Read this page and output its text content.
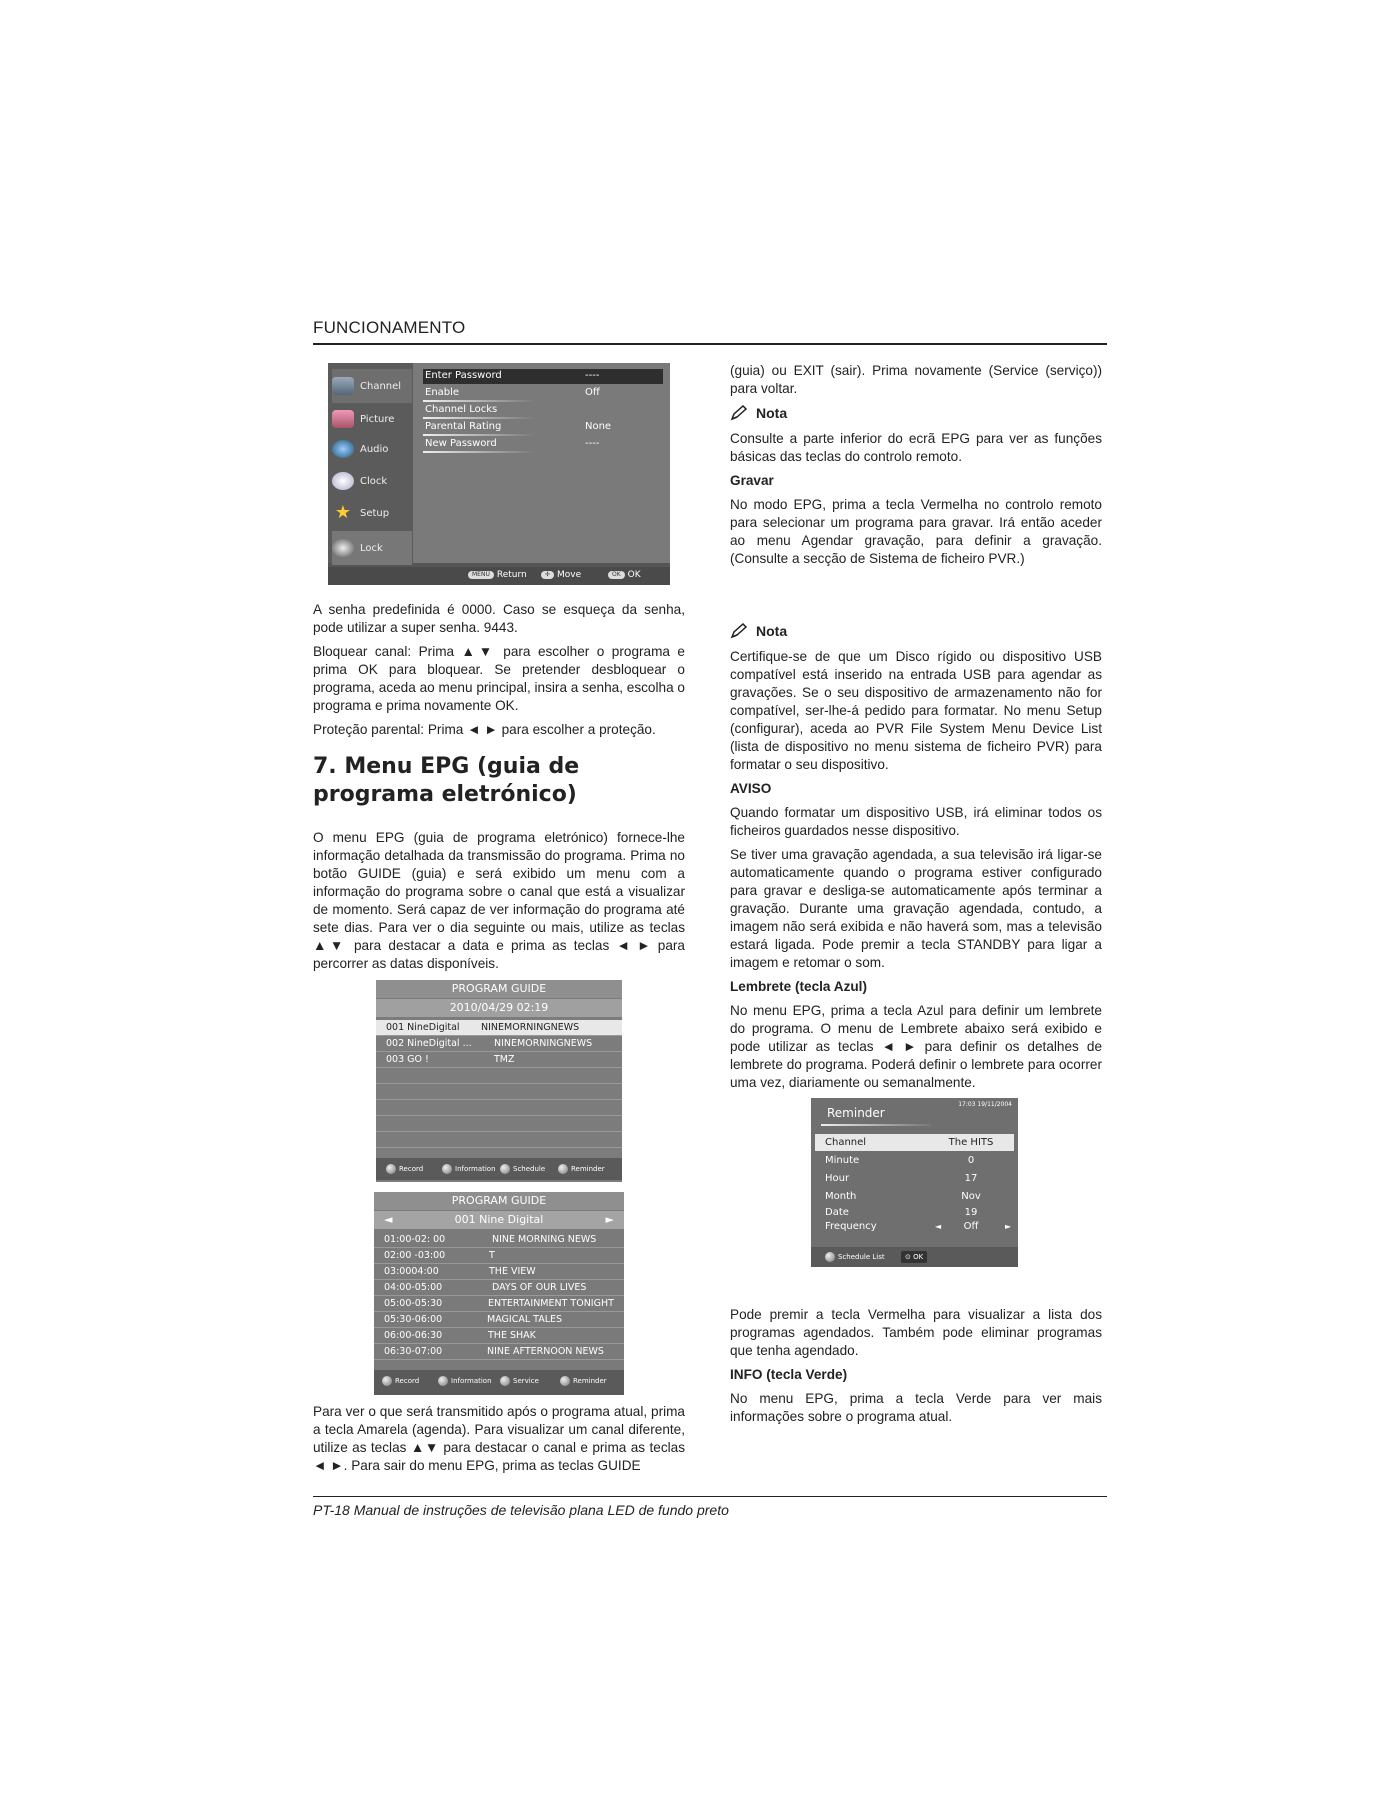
FUNCIONAMENTO
Channel
Picture
Audio
Clock
★ Setup
Lock
Enter Password	----
Enable	Off
Channel Locks
Parental Rating	None
New Password	----
MENU Return	✢ Move	OK OK

A senha predefinida é 0000. Caso se esqueça da senha, pode utilizar a super senha. 9443.

Bloquear canal: Prima ▲▼ para escolher o programa e prima OK para bloquear. Se pretender desbloquear o programa, aceda ao menu principal, insira a senha, escolha o programa e prima novamente OK.

Proteção parental: Prima ◄ ► para escolher a proteção.

7. Menu EPG (guia de programa eletrónico)

O menu EPG (guia de programa eletrónico) fornece-lhe informação detalhada da transmissão do programa. Prima no botão GUIDE (guia) e será exibido um menu com a informação do programa sobre o canal que está a visualizar de momento. Será capaz de ver informação do programa até sete dias. Para ver o dia seguinte ou mais, utilize as teclas ▲▼ para destacar a data e prima as teclas ◄ ► para percorrer as datas disponíveis.

PROGRAM GUIDE
2010/04/29 02:19
001 NineDigital NINEMORNINGNEWS
002 NineDigital ... NINEMORNINGNEWS
003 GO !	TMZ
Record	Information Schedule	Reminder
PROGRAM GUIDE
◄	001 Nine Digital	►
01:00-02: 00	NINE MORNING NEWS
02:00 -03:00	T
03:0004:00	THE VIEW
04:00-05:00	DAYS OF OUR LIVES
05:00-05:30	ENTERTAINMENT TONIGHT
05:30-06:00	MAGICAL TALES
06:00-06:30	THE SHAK
06:30-07:00	NINE AFTERNOON NEWS
Record	Information	Service	Reminder

Para ver o que será transmitido após o programa atual, prima a tecla Amarela (agenda). Para visualizar um canal diferente, utilize as teclas ▲▼ para destacar o canal e prima as teclas ◄ ►. Para sair do menu EPG, prima as teclas GUIDE

(guia) ou EXIT (sair). Prima novamente (Service (serviço)) para voltar.

Nota

Consulte a parte inferior do ecrã EPG para ver as funções básicas das teclas do controlo remoto.

Gravar

No modo EPG, prima a tecla Vermelha no controlo remoto para selecionar um programa para gravar. Irá então aceder ao menu Agendar gravação, para definir a gravação. (Consulte a secção de Sistema de ficheiro PVR.)

Nota

Certifique-se de que um Disco rígido ou dispositivo USB compatível está inserido na entrada USB para agendar as gravações. Se o seu dispositivo de armazenamento não for compatível, ser-lhe-á pedido para formatar. No menu Setup (configurar), aceda ao PVR File System Menu Device List (lista de dispositivo no menu sistema de ficheiro PVR) para formatar o seu dispositivo.

AVISO

Quando formatar um dispositivo USB, irá eliminar todos os ficheiros guardados nesse dispositivo.

Se tiver uma gravação agendada, a sua televisão irá ligar-se automaticamente quando o programa estiver configurado para gravar e desliga-se automaticamente após terminar a gravação. Durante uma gravação agendada, contudo, a imagem não será exibida e não haverá som, mas a televisão estará ligada. Pode premir a tecla STANDBY para ligar a imagem e retomar o som.

Lembrete (tecla Azul)

No menu EPG, prima a tecla Azul para definir um lembrete do programa. O menu de Lembrete abaixo será exibido e pode utilizar as teclas ◄ ► para definir os detalhes de lembrete do programa. Poderá definir o lembrete para ocorrer uma vez, diariamente ou semanalmente.

Reminder
17:03 19/11/2004
Channel	The HITS
Minute	0
Hour	17
Month	Nov
Date	19
Frequency	◄	Off	►
Schedule List	⊙ OK

Pode premir a tecla Vermelha para visualizar a lista dos programas agendados. Também pode eliminar programas que tenha agendado.

INFO (tecla Verde)

No menu EPG, prima a tecla Verde para ver mais informações sobre o programa atual.

PT-18 Manual de instruções de televisão plana LED de fundo preto
